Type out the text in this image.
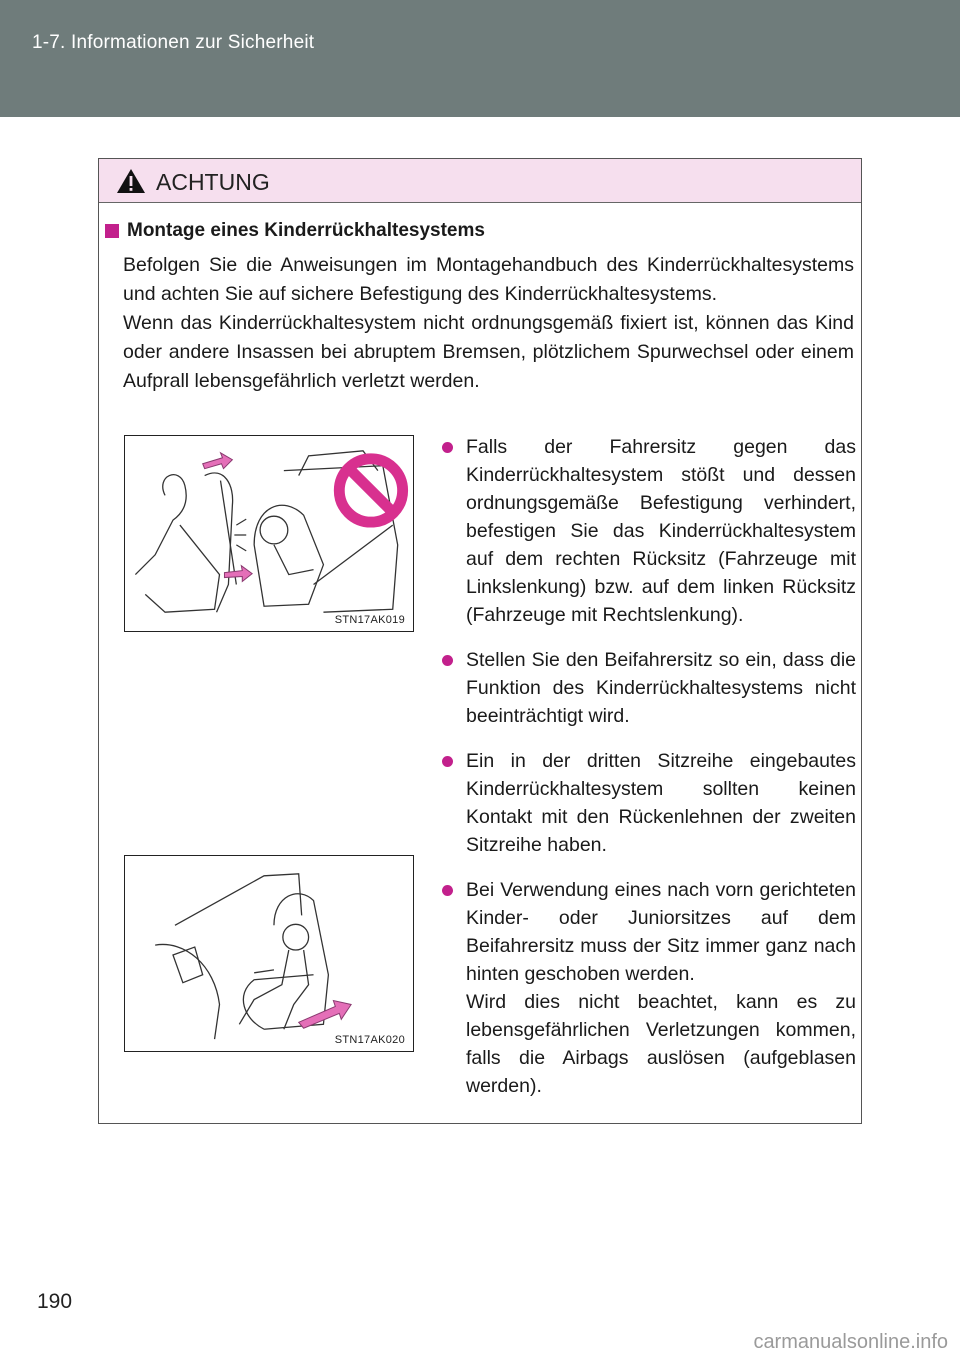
1-7. Informationen zur Sicherheit
ACHTUNG
Montage eines Kinderrückhaltesystems

Befolgen Sie die Anweisungen im Montagehandbuch des Kinderrückhaltesystems und achten Sie auf sichere Befestigung des Kinderrückhaltesystems.

Wenn das Kinderrückhaltesystem nicht ordnungsgemäß fixiert ist, können das Kind oder andere Insassen bei abruptem Bremsen, plötzlichem Spurwechsel oder einem Aufprall lebensgefährlich verletzt werden.

STN17AK019
STN17AK020

Falls der Fahrersitz gegen das Kinderrückhaltesystem stößt und dessen ordnungsgemäße Befestigung verhindert, befestigen Sie das Kinderrückhaltesystem auf dem rechten Rücksitz (Fahrzeuge mit Linkslenkung) bzw. auf dem linken Rücksitz (Fahrzeuge mit Rechtslenkung).

Stellen Sie den Beifahrersitz so ein, dass die Funktion des Kinderrückhaltesystems nicht beeinträchtigt wird.

Ein in der dritten Sitzreihe eingebautes Kinderrückhaltesystem sollten keinen Kontakt mit den Rückenlehnen der zweiten Sitzreihe haben.

Bei Verwendung eines nach vorn gerichteten Kinder- oder Juniorsitzes auf dem Beifahrersitz muss der Sitz immer ganz nach hinten geschoben werden.

Wird dies nicht beachtet, kann es zu lebensgefährlichen Verletzungen kommen, falls die Airbags auslösen (aufgeblasen werden).

190
carmanualsonline.info
